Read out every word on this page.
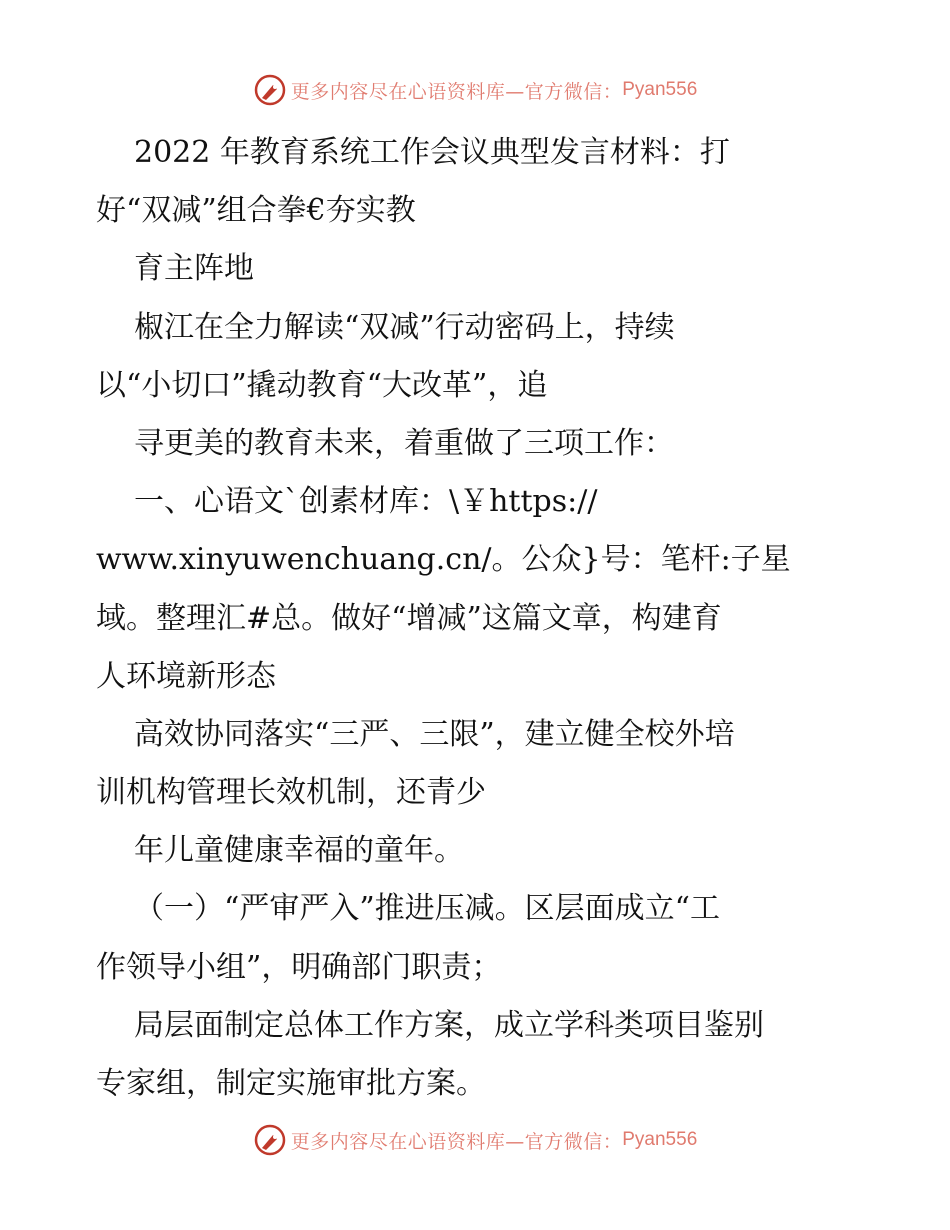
更多内容尽在心语资料库—官方微信： Pyan556
2022 年教育系统工作会议典型发言材料：打
好“双减”组合拳€夯实教
育主阵地
椒江在全力解读“双减”行动密码上，持续
以“小切口”撬动教育“大改革”，追
寻更美的教育未来，着重做了三项工作：
一、心语文ˋ创素材库：\￥https://
www.xinyuwenchuang.cn/。公众}号：笔杆:子星
域。整理汇#总。做好“增减”这篇文章，构建育
人环境新形态
高效协同落实“三严、三限”，建立健全校外培
训机构管理长效机制，还青少
年儿童健康幸福的童年。
（一）“严审严入”推进压减。区层面成立“工
作领导小组”，明确部门职责；
局层面制定总体工作方案，成立学科类项目鉴别
专家组，制定实施审批方案。
更多内容尽在心语资料库—官方微信： Pyan556
